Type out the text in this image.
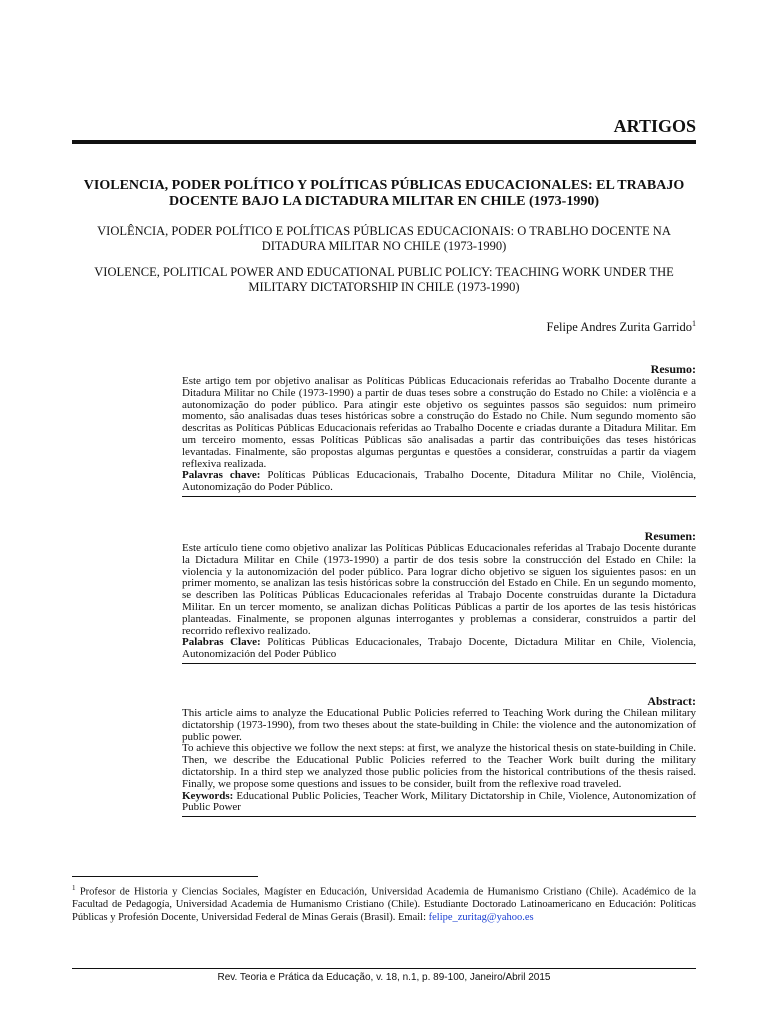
ARTIGOS
VIOLENCIA, PODER POLÍTICO Y POLÍTICAS PÚBLICAS EDUCACIONALES: EL TRABAJO DOCENTE BAJO LA DICTADURA MILITAR EN CHILE (1973-1990)
VIOLÊNCIA, PODER POLÍTICO E POLÍTICAS PÚBLICAS EDUCACIONAIS: O TRABLHO DOCENTE NA DITADURA MILITAR NO CHILE (1973-1990)
VIOLENCE, POLITICAL POWER AND EDUCATIONAL PUBLIC POLICY: TEACHING WORK UNDER THE MILITARY DICTATORSHIP IN CHILE (1973-1990)
Felipe Andres Zurita Garrido$^1$
Resumo:

Este artigo tem por objetivo analisar as Políticas Públicas Educacionais referidas ao Trabalho Docente durante a Ditadura Militar no Chile (1973-1990) a partir de duas teses sobre a construção do Estado no Chile: a violência e a autonomização do poder público. Para atingir este objetivo os seguintes passos são seguidos: num primeiro momento, são analisadas duas teses históricas sobre a construção do Estado no Chile. Num segundo momento são descritas as Políticas Públicas Educacionais referidas ao Trabalho Docente e criadas durante a Ditadura Militar. Em um terceiro momento, essas Políticas Públicas são analisadas a partir das contribuições das teses históricas levantadas. Finalmente, são propostas algumas perguntas e questões a considerar, construídas a partir da viagem reflexiva realizada.

Palavras chave: Políticas Públicas Educacionais, Trabalho Docente, Ditadura Militar no Chile, Violência, Autonomização do Poder Público.

Resumen:

Este artículo tiene como objetivo analizar las Políticas Públicas Educacionales referidas al Trabajo Docente durante la Dictadura Militar en Chile (1973-1990) a partir de dos tesis sobre la construcción del Estado en Chile: la violencia y la autonomización del poder público. Para lograr dicho objetivo se siguen los siguientes pasos: en un primer momento, se analizan las tesis históricas sobre la construcción del Estado en Chile. En un segundo momento, se describen las Políticas Públicas Educacionales referidas al Trabajo Docente construidas durante la Dictadura Militar. En un tercer momento, se analizan dichas Políticas Públicas a partir de los aportes de las tesis históricas planteadas. Finalmente, se proponen algunas interrogantes y problemas a considerar, construidos a partir del recorrido reflexivo realizado.

Palabras Clave: Políticas Públicas Educacionales, Trabajo Docente, Dictadura Militar en Chile, Violencia, Autonomización del Poder Público

Abstract:

This article aims to analyze the Educational Public Policies referred to Teaching Work during the Chilean military dictatorship (1973-1990), from two theses about the state-building in Chile: the violence and the autonomization of public power.

To achieve this objective we follow the next steps: at first, we analyze the historical thesis on state-building in Chile. Then, we describe the Educational Public Policies referred to the Teacher Work built during the military dictatorship. In a third step we analyzed those public policies from the historical contributions of the thesis raised. Finally, we propose some questions and issues to be consider, built from the reflexive road traveled.

Keywords: Educational Public Policies, Teacher Work, Military Dictatorship in Chile, Violence, Autonomization of Public Power

$^1$ Profesor de Historia y Ciencias Sociales, Magíster en Educación, Universidad Academia de Humanismo Cristiano (Chile). Académico de la Facultad de Pedagogía, Universidad Academia de Humanismo Cristiano (Chile). Estudiante Doctorado Latinoamericano en Educación: Políticas Públicas y Profesión Docente, Universidad Federal de Minas Gerais (Brasil). Email: felipe_zuritag@yahoo.es
Rev. Teoria e Prática da Educação, v. 18, n.1, p. 89-100, Janeiro/Abril 2015
